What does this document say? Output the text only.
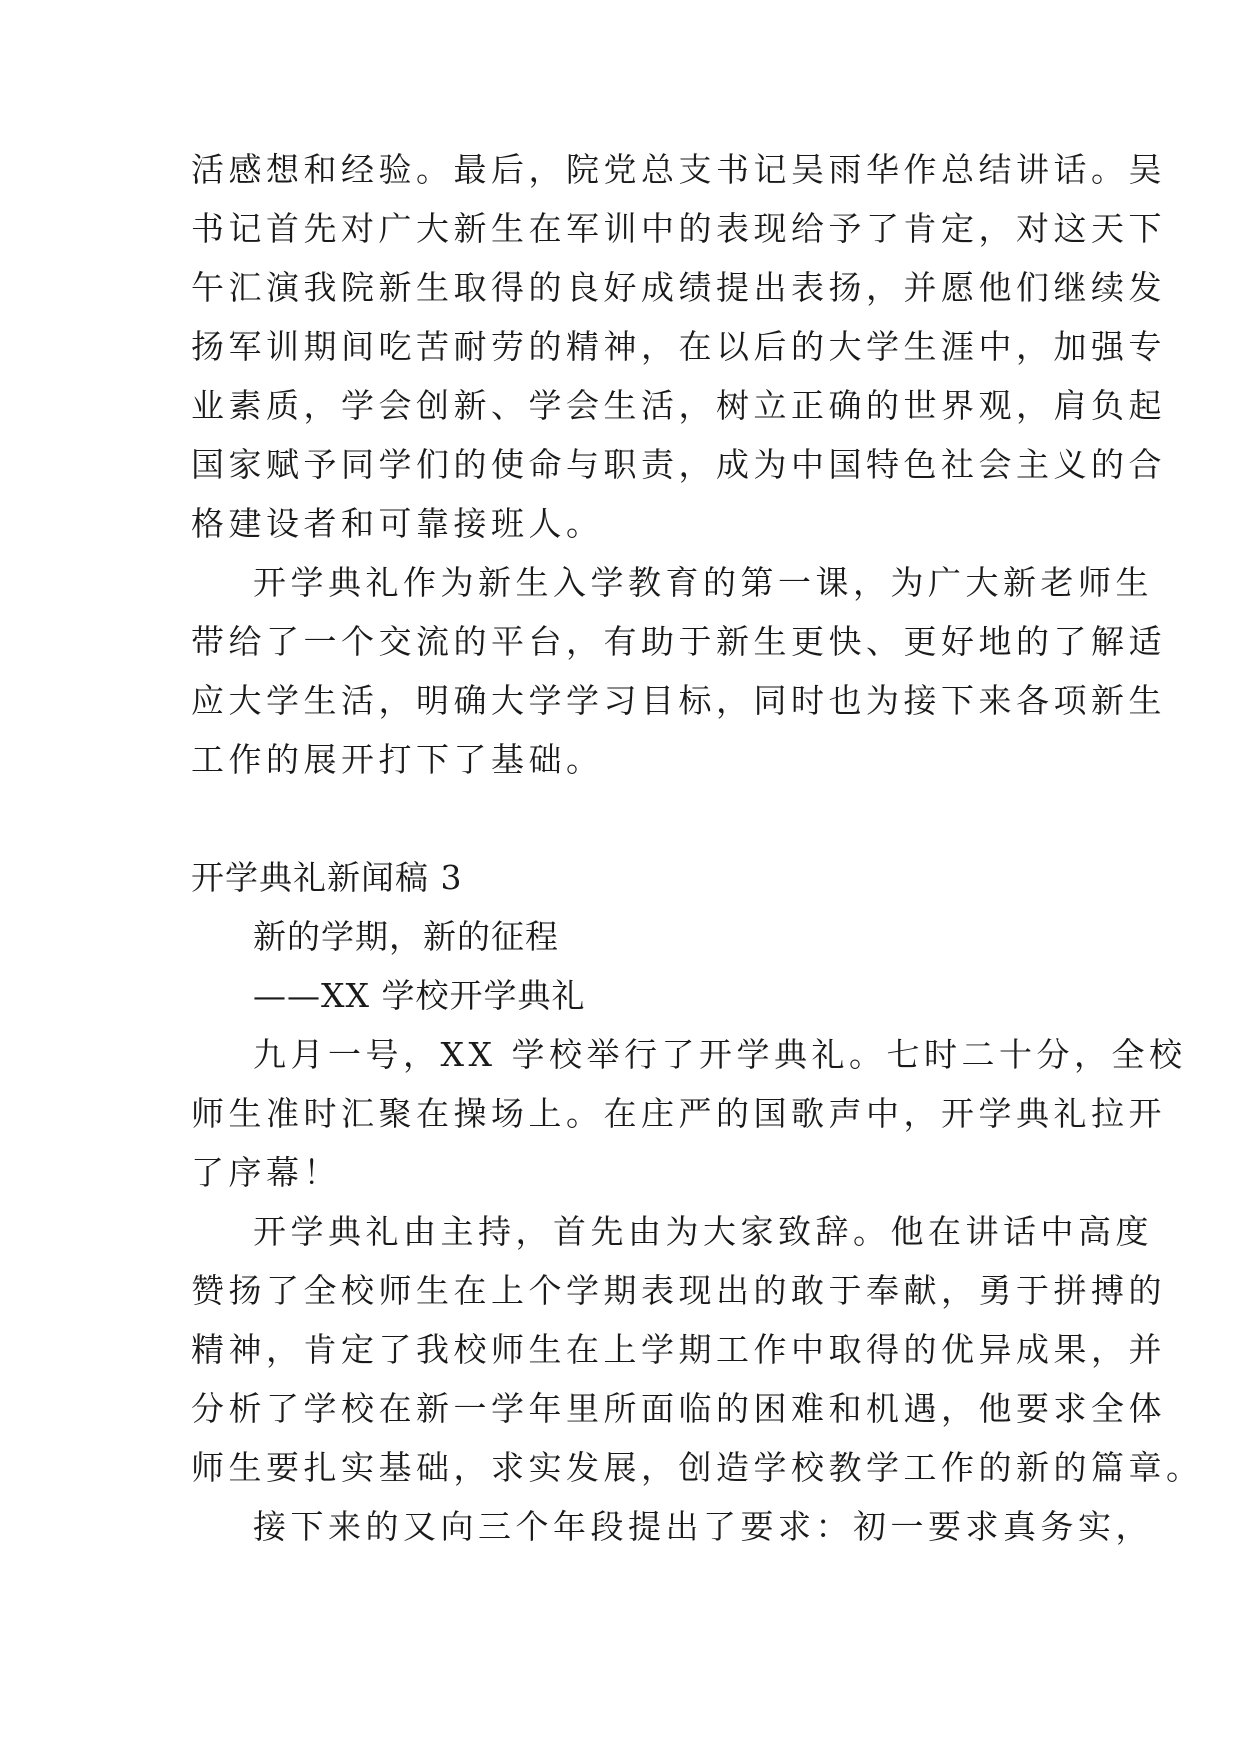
活感想和经验。最后，院党总支书记吴雨华作总结讲话。吴
书记首先对广大新生在军训中的表现给予了肯定，对这天下
午汇演我院新生取得的良好成绩提出表扬，并愿他们继续发
扬军训期间吃苦耐劳的精神，在以后的大学生涯中，加强专
业素质，学会创新、学会生活，树立正确的世界观，肩负起
国家赋予同学们的使命与职责，成为中国特色社会主义的合
格建设者和可靠接班人。
开学典礼作为新生入学教育的第一课，为广大新老师生
带给了一个交流的平台，有助于新生更快、更好地的了解适
应大学生活，明确大学学习目标，同时也为接下来各项新生
工作的展开打下了基础。
开学典礼新闻稿 3
新的学期，新的征程
——XX 学校开学典礼
九月一号，XX 学校举行了开学典礼。七时二十分，全校
师生准时汇聚在操场上。在庄严的国歌声中，开学典礼拉开
了序幕！
开学典礼由主持，首先由为大家致辞。他在讲话中高度
赞扬了全校师生在上个学期表现出的敢于奉献，勇于拼搏的
精神，肯定了我校师生在上学期工作中取得的优异成果，并
分析了学校在新一学年里所面临的困难和机遇，他要求全体
师生要扎实基础，求实发展，创造学校教学工作的新的篇章。
接下来的又向三个年段提出了要求：初一要求真务实，
